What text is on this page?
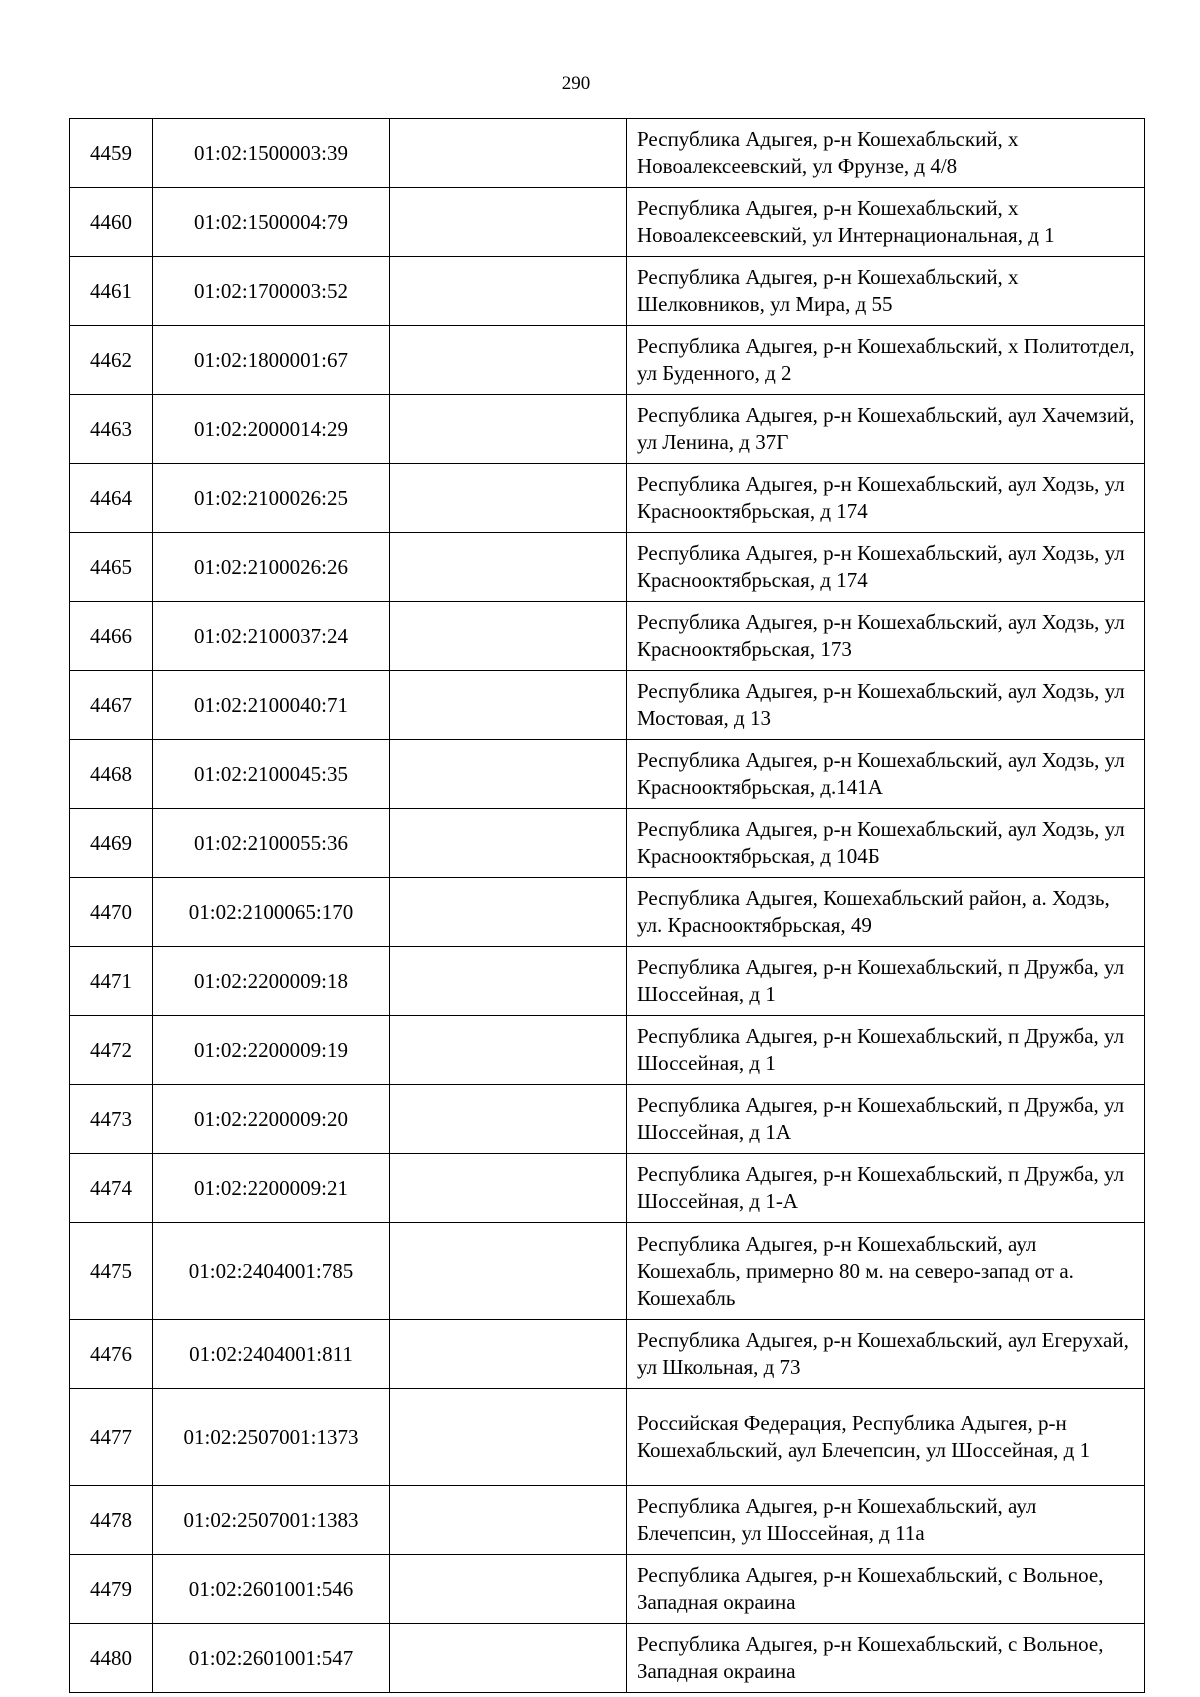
290
4459	01:02:1500003:39		Республика Адыгея, р-н Кошехабльский, х Новоалексеевский, ул Фрунзе, д 4/8
4460	01:02:1500004:79		Республика Адыгея, р-н Кошехабльский, х Новоалексеевский, ул Интернациональная, д 1
4461	01:02:1700003:52		Республика Адыгея, р-н Кошехабльский, х Шелковников, ул Мира, д 55
4462	01:02:1800001:67		Республика Адыгея, р-н Кошехабльский, х Политотдел, ул Буденного, д 2
4463	01:02:2000014:29		Республика Адыгея, р-н Кошехабльский, аул Хачемзий, ул Ленина, д 37Г
4464	01:02:2100026:25		Республика Адыгея, р-н Кошехабльский, аул Ходзь, ул Краснооктябрьская, д 174
4465	01:02:2100026:26		Республика Адыгея, р-н Кошехабльский, аул Ходзь, ул Краснооктябрьская, д 174
4466	01:02:2100037:24		Республика Адыгея, р-н Кошехабльский, аул Ходзь, ул Краснооктябрьская, 173
4467	01:02:2100040:71		Республика Адыгея, р-н Кошехабльский, аул Ходзь, ул Мостовая, д 13
4468	01:02:2100045:35		Республика Адыгея, р-н Кошехабльский, аул Ходзь, ул Краснооктябрьская, д.141А
4469	01:02:2100055:36		Республика Адыгея, р-н Кошехабльский, аул Ходзь, ул Краснооктябрьская, д 104Б
4470	01:02:2100065:170		Республика Адыгея, Кошехабльский район, а. Ходзь, ул. Краснооктябрьская, 49
4471	01:02:2200009:18		Республика Адыгея, р-н Кошехабльский, п Дружба, ул Шоссейная, д 1
4472	01:02:2200009:19		Республика Адыгея, р-н Кошехабльский, п Дружба, ул Шоссейная, д 1
4473	01:02:2200009:20		Республика Адыгея, р-н Кошехабльский, п Дружба, ул Шоссейная, д 1А
4474	01:02:2200009:21		Республика Адыгея, р-н Кошехабльский, п Дружба, ул Шоссейная, д 1-А
4475	01:02:2404001:785		Республика Адыгея, р-н Кошехабльский, аул Кошехабль, примерно 80 м. на северо-запад от а. Кошехабль
4476	01:02:2404001:811		Республика Адыгея, р-н Кошехабльский, аул Егерухай, ул Школьная, д 73
4477	01:02:2507001:1373		Российская Федерация, Республика Адыгея, р-н Кошехабльский, аул Блечепсин, ул Шоссейная, д 1
4478	01:02:2507001:1383		Республика Адыгея, р-н Кошехабльский, аул Блечепсин, ул Шоссейная, д 11а
4479	01:02:2601001:546		Республика Адыгея, р-н Кошехабльский, с Вольное, Западная окраина
4480	01:02:2601001:547		Республика Адыгея, р-н Кошехабльский, с Вольное, Западная окраина
